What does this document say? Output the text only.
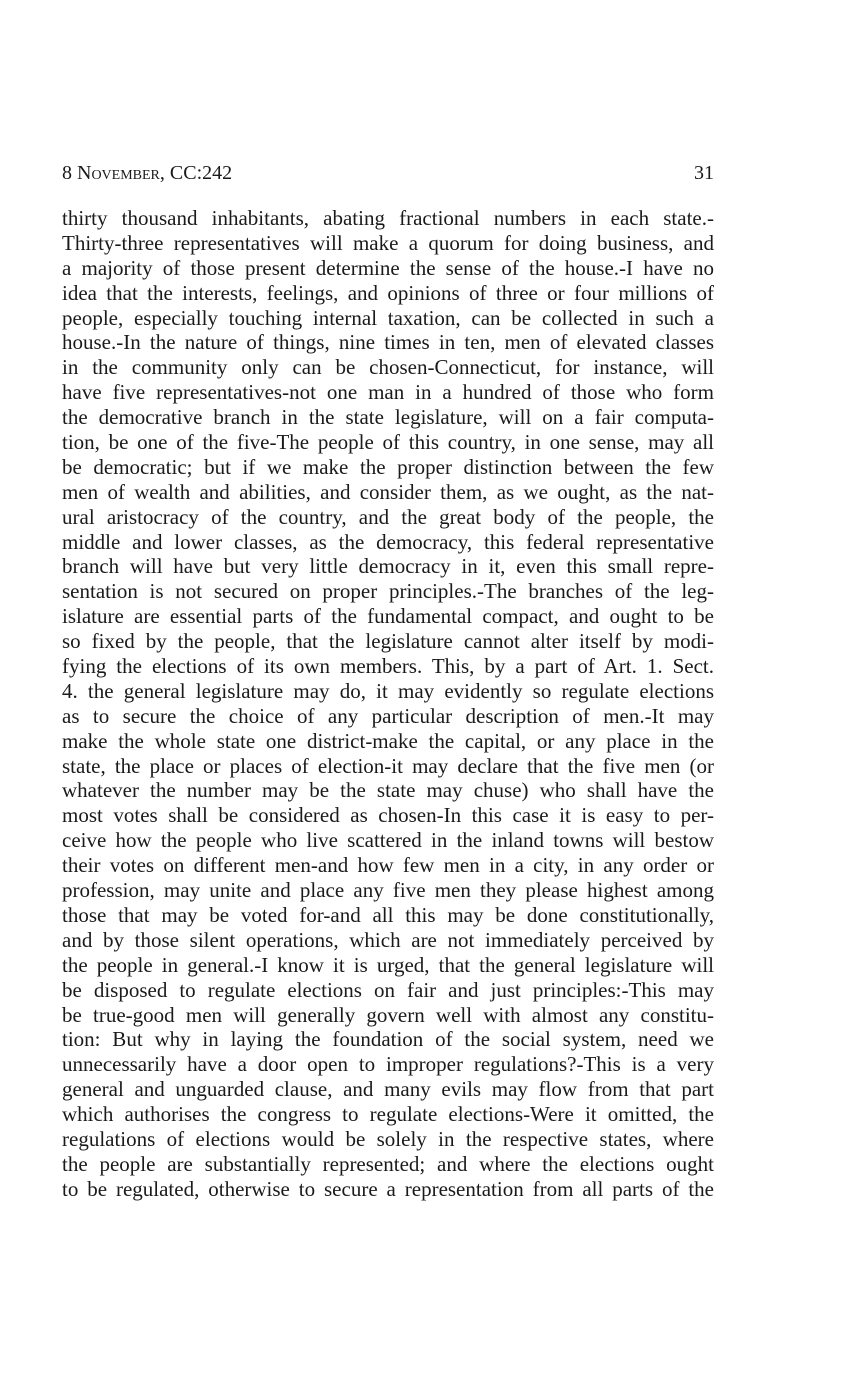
8 November, CC:242	31
thirty thousand inhabitants, abating fractional numbers in each state.-
Thirty-three representatives will make a quorum for doing business, and
a majority of those present determine the sense of the house.-I have no
idea that the interests, feelings, and opinions of three or four millions of
people, especially touching internal taxation, can be collected in such a
house.-In the nature of things, nine times in ten, men of elevated classes
in the community only can be chosen-Connecticut, for instance, will
have five representatives-not one man in a hundred of those who form
the democrative branch in the state legislature, will on a fair computa-
tion, be one of the five-The people of this country, in one sense, may all
be democratic; but if we make the proper distinction between the few
men of wealth and abilities, and consider them, as we ought, as the nat-
ural aristocracy of the country, and the great body of the people, the
middle and lower classes, as the democracy, this federal representative
branch will have but very little democracy in it, even this small repre-
sentation is not secured on proper principles.-The branches of the leg-
islature are essential parts of the fundamental compact, and ought to be
so fixed by the people, that the legislature cannot alter itself by modi-
fying the elections of its own members. This, by a part of Art. 1. Sect.
4. the general legislature may do, it may evidently so regulate elections
as to secure the choice of any particular description of men.-It may
make the whole state one district-make the capital, or any place in the
state, the place or places of election-it may declare that the five men (or
whatever the number may be the state may chuse) who shall have the
most votes shall be considered as chosen-In this case it is easy to per-
ceive how the people who live scattered in the inland towns will bestow
their votes on different men-and how few men in a city, in any order or
profession, may unite and place any five men they please highest among
those that may be voted for-and all this may be done constitutionally,
and by those silent operations, which are not immediately perceived by
the people in general.-I know it is urged, that the general legislature will
be disposed to regulate elections on fair and just principles:-This may
be true-good men will generally govern well with almost any constitu-
tion: But why in laying the foundation of the social system, need we
unnecessarily have a door open to improper regulations?-This is a very
general and unguarded clause, and many evils may flow from that part
which authorises the congress to regulate elections-Were it omitted, the
regulations of elections would be solely in the respective states, where
the people are substantially represented; and where the elections ought
to be regulated, otherwise to secure a representation from all parts of the
